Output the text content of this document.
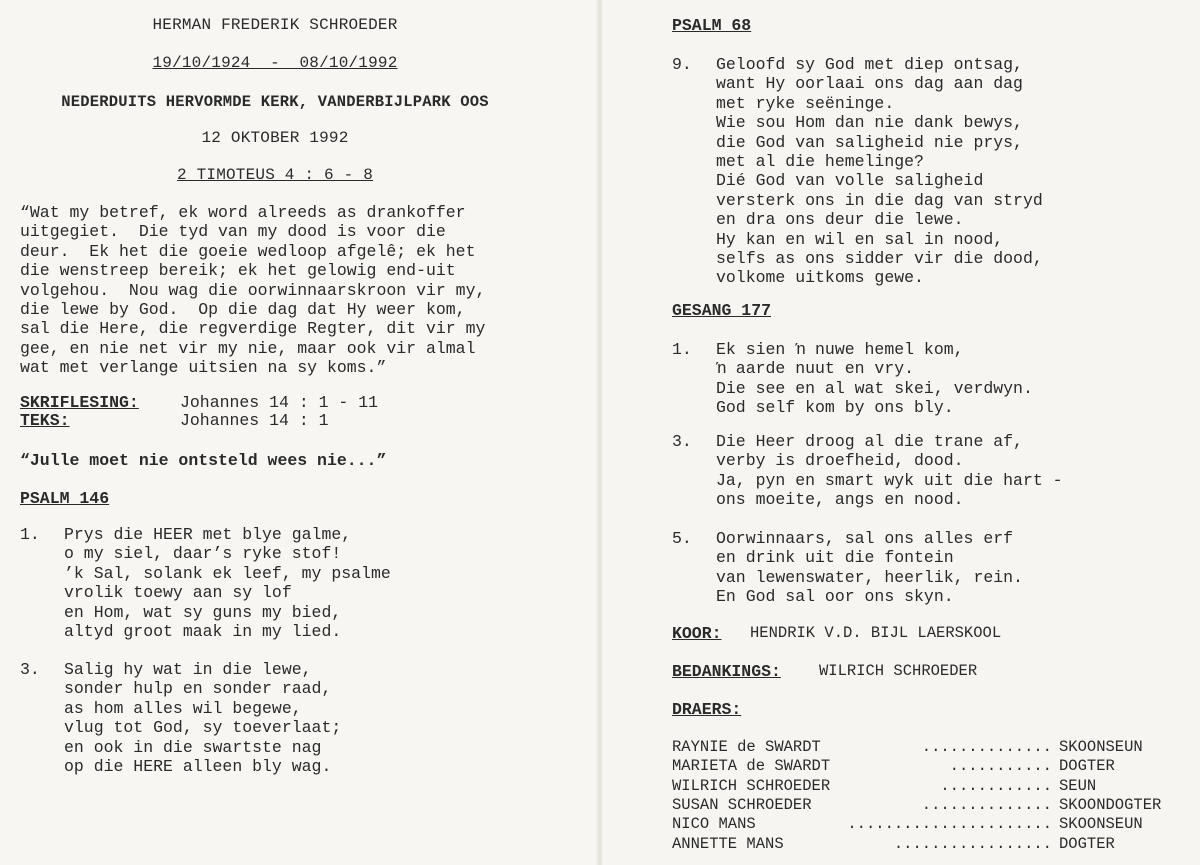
HERMAN FREDERIK SCHROEDER
19/10/1924  -  08/10/1992
NEDERDUITS HERVORMDE KERK, VANDERBIJLPARK OOS
12 OKTOBER 1992
2 TIMOTEUS 4 : 6 - 8
“Wat my betref, ek word alreeds as drankoffer
uitgegiet.  Die tyd van my dood is voor die
deur.  Ek het die goeie wedloop afgelê; ek het
die wenstreep bereik; ek het gelowig end-uit
volgehou.  Nou wag die oorwinnaarskroon vir my,
die lewe by God.  Op die dag dat Hy weer kom,
sal die Here, die regverdige Regter, dit vir my
gee, en nie net vir my nie, maar ook vir almal
wat met verlange uitsien na sy koms.”
SKRIFLESING: Johannes 14 : 1 - 11
TEKS:	Johannes 14 : 1
“Julle moet nie ontsteld wees nie...”
PSALM 146
1. Prys die HEER met blye galme,
o my siel, daar’s ryke stof!
’k Sal, solank ek leef, my psalme
vrolik toewy aan sy lof
en Hom, wat sy guns my bied,
altyd groot maak in my lied.
3. Salig hy wat in die lewe,
sonder hulp en sonder raad,
as hom alles wil begewe,
vlug tot God, sy toeverlaat;
en ook in die swartste nag
op die HERE alleen bly wag.
PSALM 68
9. Geloofd sy God met diep ontsag,
want Hy oorlaai ons dag aan dag
met ryke seëninge.
Wie sou Hom dan nie dank bewys,
die God van saligheid nie prys,
met al die hemelinge?
Dié God van volle saligheid
versterk ons in die dag van stryd
en dra ons deur die lewe.
Hy kan en wil en sal in nood,
selfs as ons sidder vir die dood,
volkome uitkoms gewe.
GESANG 177
1. Ek sien ŉ nuwe hemel kom,
ŉ aarde nuut en vry.
Die see en al wat skei, verdwyn.
God self kom by ons bly.
3. Die Heer droog al die trane af,
verby is droefheid, dood.
Ja, pyn en smart wyk uit die hart -
ons moeite, angs en nood.
5. Oorwinnaars, sal ons alles erf
en drink uit die fontein
van lewenswater, heerlik, rein.
En God sal oor ons skyn.
KOOR: HENDRIK V.D. BIJL LAERSKOOL
BEDANKINGS: WILRICH SCHROEDER
DRAERS:
RAYNIE de SWARDT	.............. SKOONSEUN
MARIETA de SWARDT	........... DOGTER
WILRICH SCHROEDER	............ SEUN
SUSAN SCHROEDER	.............. SKOONDOGTER
NICO MANS	...................... SKOONSEUN
ANNETTE MANS	................. DOGTER
